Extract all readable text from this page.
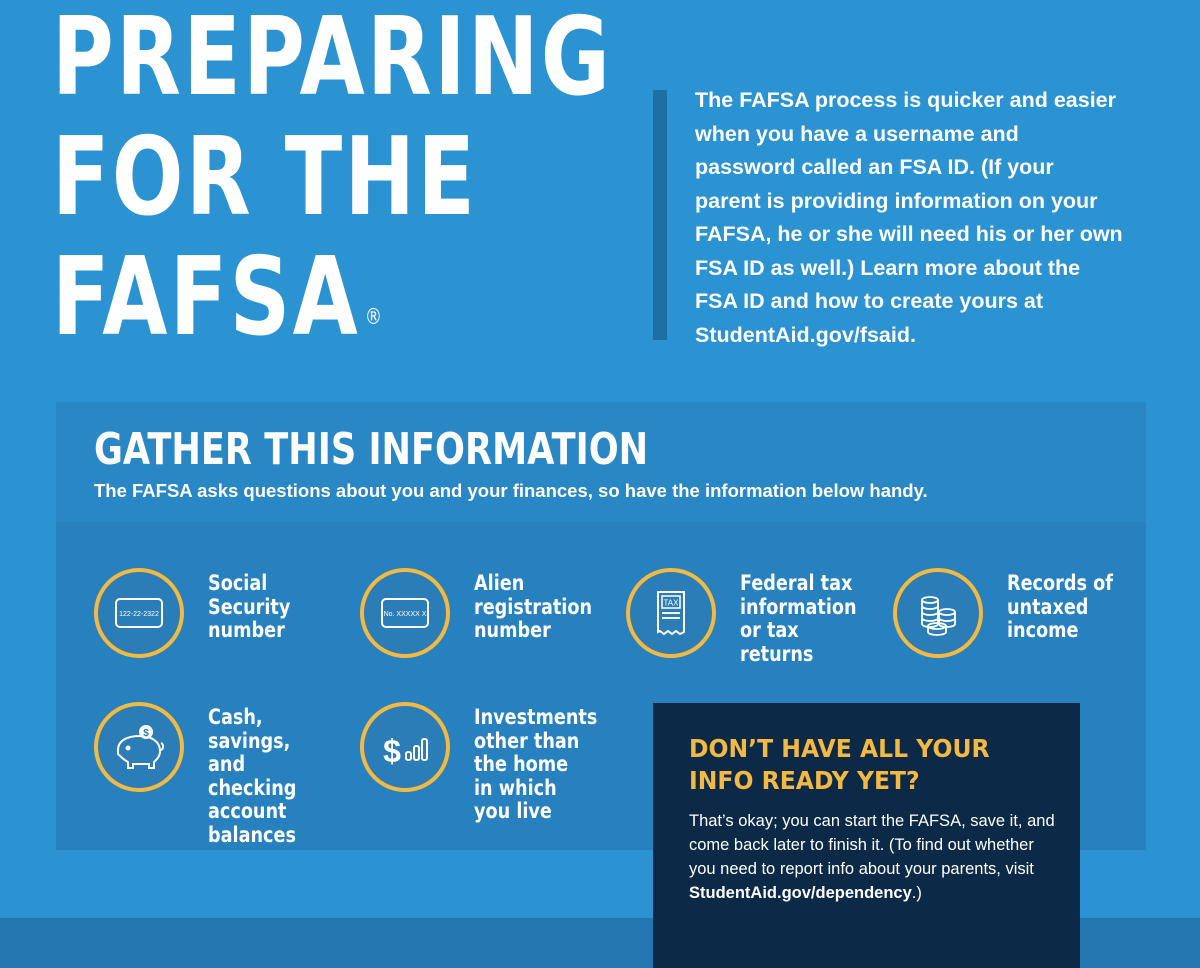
PREPARING
FOR THE
FAFSA ®

The FAFSA process is quicker and easier when you have a username and password called an FSA ID. (If your parent is providing information on your FAFSA, he or she will need his or her own FSA ID as well.) Learn more about the FSA ID and how to create yours at StudentAid.gov/fsaid.

GATHER THIS INFORMATION

The FAFSA asks questions about you and your finances, so have the information below handy.

122-22-2322
Social Security number
No. XXXXX X
Alien registration number
TAX
Federal tax information or tax returns
Records of untaxed income
$
Cash, savings, and checking account balances
$
Investments other than the home in which you live
DON’T HAVE ALL YOUR
INFO READY YET?

That’s okay; you can start the FAFSA, save it, and come back later to finish it. (To find out whether you need to report info about your parents, visit StudentAid.gov/dependency.)
